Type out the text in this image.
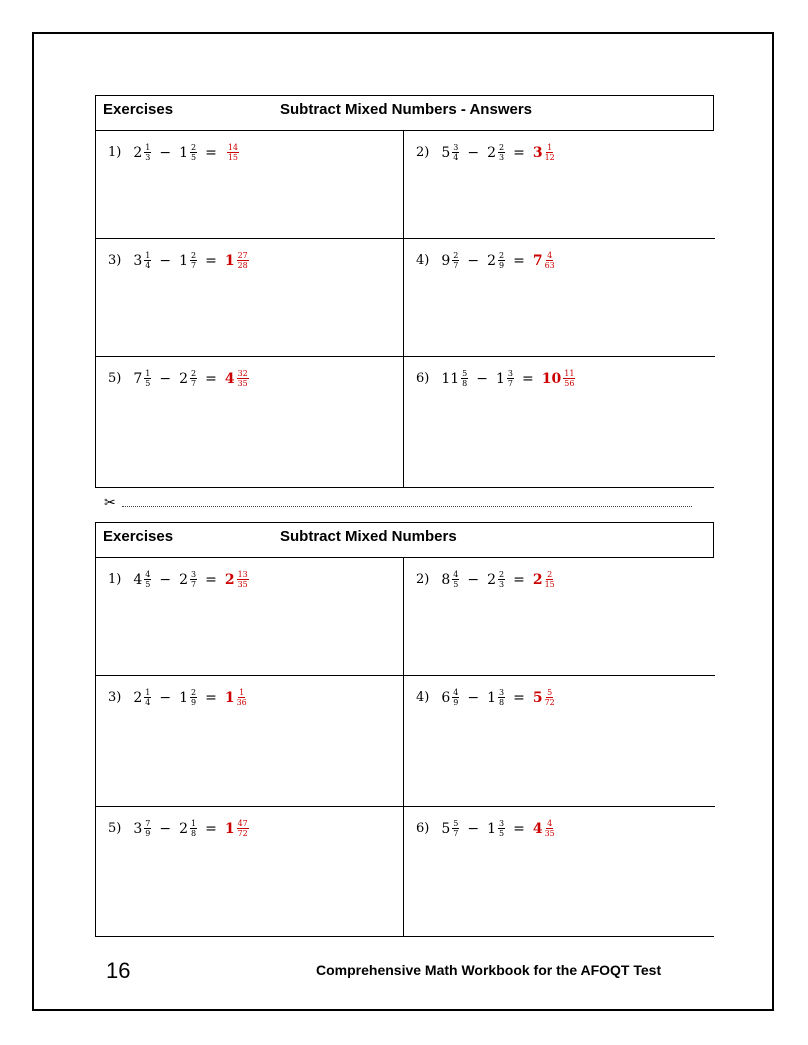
Exercises	Subtract Mixed Numbers - Answers
1) $2 \frac{1}{3} - 1 \frac{2}{5} = \frac{14}{15}$	2) $5 \frac{3}{4} - 2 \frac{2}{3} = 3 \frac{1}{12}$
3) $3 \frac{1}{4} - 1 \frac{2}{7} = 1 \frac{27}{28}$	4) $9 \frac{2}{7} - 2 \frac{2}{9} = 7 \frac{4}{63}$
5) $7 \frac{1}{5} - 2 \frac{2}{7} = 4 \frac{32}{35}$	6) $11 \frac{5}{8} - 1 \frac{3}{7} = 10 \frac{11}{56}$
✂
Exercises	Subtract Mixed Numbers
1) $4 \frac{4}{5} - 2 \frac{3}{7} = 2 \frac{13}{35}$	2) $8 \frac{4}{5} - 2 \frac{2}{3} = 2 \frac{2}{15}$
3) $2 \frac{1}{4} - 1 \frac{2}{9} = 1 \frac{1}{36}$	4) $6 \frac{4}{9} - 1 \frac{3}{8} = 5 \frac{5}{72}$
5) $3 \frac{7}{9} - 2 \frac{1}{8} = 1 \frac{47}{72}$	6) $5 \frac{5}{7} - 1 \frac{3}{5} = 4 \frac{4}{35}$
16	Comprehensive Math Workbook for the AFOQT Test
